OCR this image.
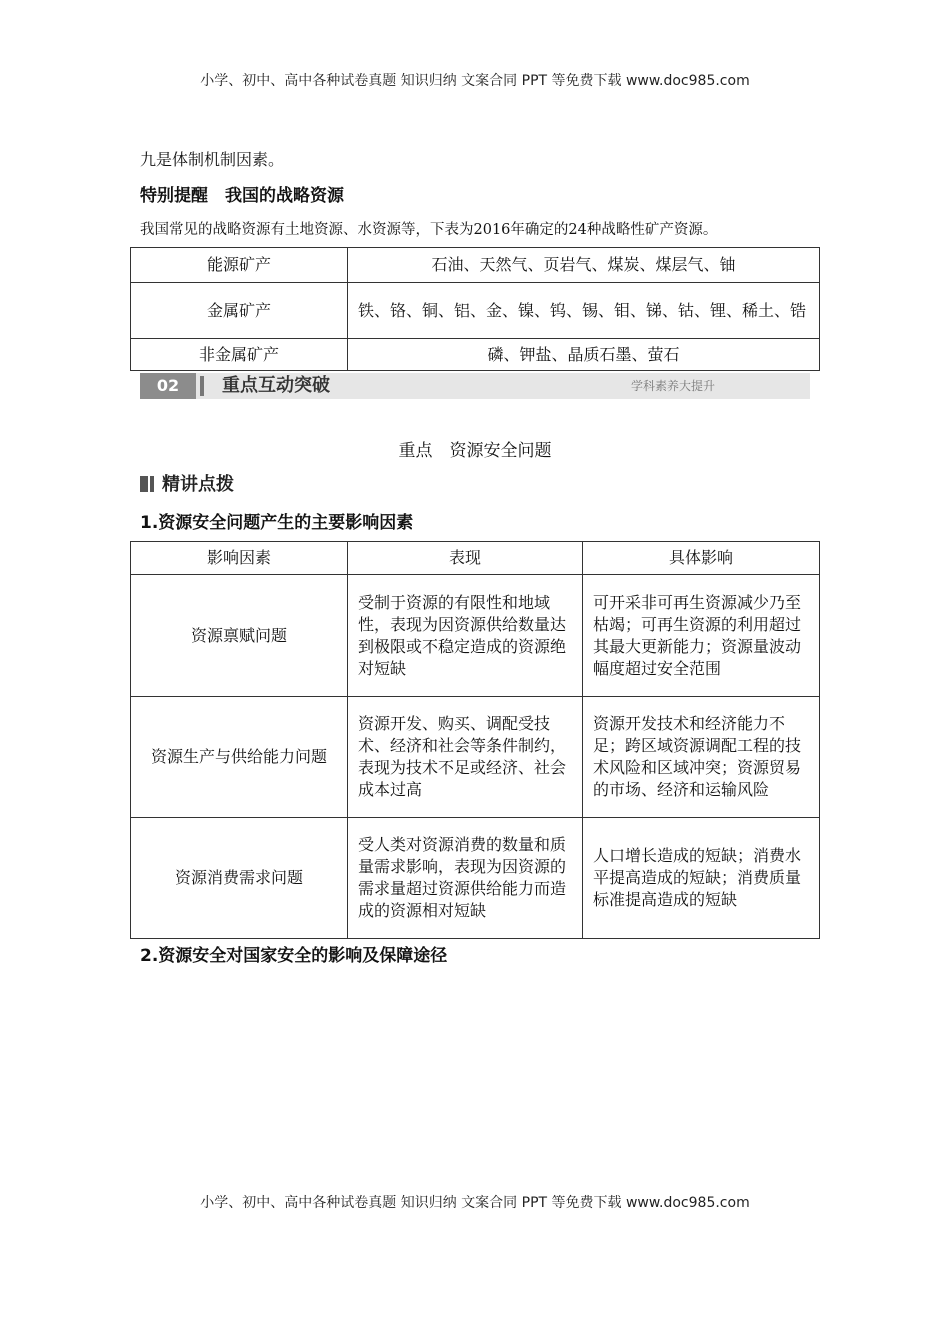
小学、初中、高中各种试卷真题 知识归纳 文案合同 PPT 等免费下载 www.doc985.com
九是体制机制因素。
特别提醒　我国的战略资源
我国常见的战略资源有土地资源、水资源等，下表为2016年确定的24种战略性矿产资源。
能源矿产	石油、天然气、页岩气、煤炭、煤层气、铀
金属矿产	铁、铬、铜、铝、金、镍、钨、锡、钼、锑、钴、锂、稀土、锆
非金属矿产	磷、钾盐、晶质石墨、萤石
02	重点互动突破	学科素养大提升
重点　资源安全问题
精讲点拨
1.资源安全问题产生的主要影响因素
影响因素	表现	具体影响
资源禀赋问题	受制于资源的有限性和地域性，表现为因资源供给数量达到极限或不稳定造成的资源绝对短缺	可开采非可再生资源减少乃至枯竭；可再生资源的利用超过其最大更新能力；资源量波动幅度超过安全范围
资源生产与供给能力问题	资源开发、购买、调配受技术、经济和社会等条件制约，表现为技术不足或经济、社会成本过高	资源开发技术和经济能力不足；跨区域资源调配工程的技术风险和区域冲突；资源贸易的市场、经济和运输风险
资源消费需求问题	受人类对资源消费的数量和质量需求影响，表现为因资源的需求量超过资源供给能力而造成的资源相对短缺	人口增长造成的短缺；消费水平提高造成的短缺；消费质量标准提高造成的短缺
2.资源安全对国家安全的影响及保障途径
小学、初中、高中各种试卷真题 知识归纳 文案合同 PPT 等免费下载 www.doc985.com
